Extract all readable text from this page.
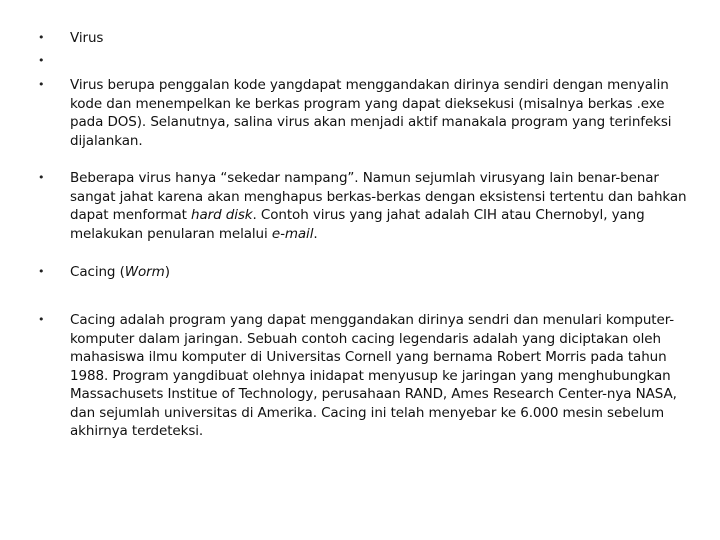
• Virus
•
• Virus berupa penggalan kode yangdapat menggandakan dirinya sendiri dengan menyalin kode dan menempelkan ke berkas program yang dapat dieksekusi (misalnya berkas .exe pada DOS). Selanutnya, salina virus akan menjadi aktif manakala program yang terinfeksi dijalankan.
• Beberapa virus hanya “sekedar nampang”. Namun sejumlah virusyang lain benar-benar sangat jahat karena akan menghapus berkas-berkas dengan eksistensi tertentu dan bahkan dapat menformat hard disk. Contoh virus yang jahat adalah CIH atau Chernobyl, yang melakukan penularan melalui e-mail.
• Cacing (Worm)
• Cacing adalah program yang dapat menggandakan dirinya sendri dan menulari komputer-komputer dalam jaringan. Sebuah contoh cacing legendaris adalah yang diciptakan oleh mahasiswa ilmu komputer di Universitas Cornell yang bernama Robert Morris pada tahun 1988. Program yangdibuat olehnya inidapat menyusup ke jaringan yang menghubungkan Massachusets Institue of Technology, perusahaan RAND, Ames Research Center-nya NASA, dan sejumlah universitas di Amerika. Cacing ini telah menyebar ke 6.000 mesin sebelum akhirnya terdeteksi.
